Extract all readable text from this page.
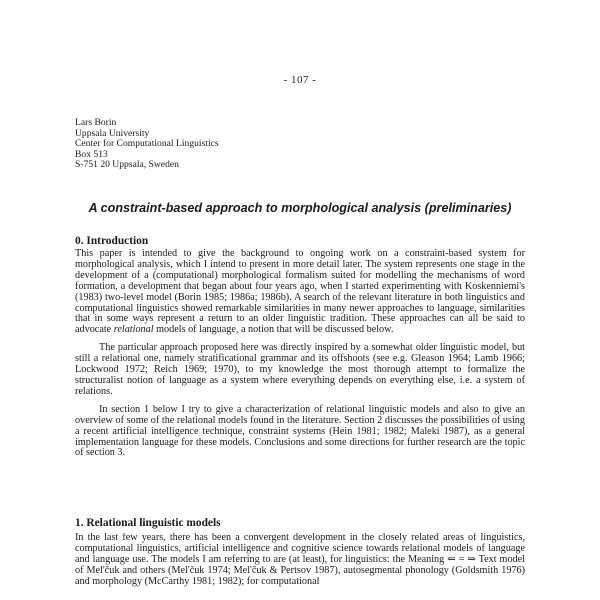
- 107 -
Lars Borin
Uppsala University
Center for Computational Linguistics
Box 513
S-751 20 Uppsala, Sweden
A constraint-based approach to morphological analysis (preliminaries)
0. Introduction

This paper is intended to give the background to ongoing work on a constraint-based system for morphological analysis, which I intend to present in more detail later. The system represents one stage in the development of a (computational) morphological formalism suited for modelling the mechanisms of word formation, a development that began about four years ago, when I started experimenting with Koskenniemi's (1983) two-level model (Borin 1985; 1986a; 1986b). A search of the relevant literature in both linguistics and computational linguistics showed remarkable similarities in many newer approaches to language, similarities that in some ways represent a return to an older linguistic tradition. These approaches can all be said to advocate relational models of language, a notion that will be discussed below.

The particular approach proposed here was directly inspired by a somewhat older linguistic model, but still a relational one, namely stratificational grammar and its offshoots (see e.g. Gleason 1964; Lamb 1966; Lockwood 1972; Reich 1969; 1970), to my knowledge the most thorough attempt to formalize the structuralist notion of language as a system where everything depends on everything else, i.e. a system of relations.

In section 1 below I try to give a characterization of relational linguistic models and also to give an overview of some of the relational models found in the literature. Section 2 discusses the possibilities of using a recent artificial intelligence technique, constraint systems (Hein 1981; 1982; Maleki 1987), as a general implementation language for these models. Conclusions and some directions for further research are the topic of section 3.

1. Relational linguistic models

In the last few years, there has been a convergent development in the closely related areas of linguistics, computational linguistics, artificial intelligence and cognitive science towards relational models of language and language use. The models I am referring to are (at least), for linguistics: the Meaning ⇐ = ⇒ Text model of Mel'čuk and others (Mel'čuk 1974; Mel'čuk & Pertsov 1987), autosegmental phonology (Goldsmith 1976) and morphology (McCarthy 1981; 1982); for computational
